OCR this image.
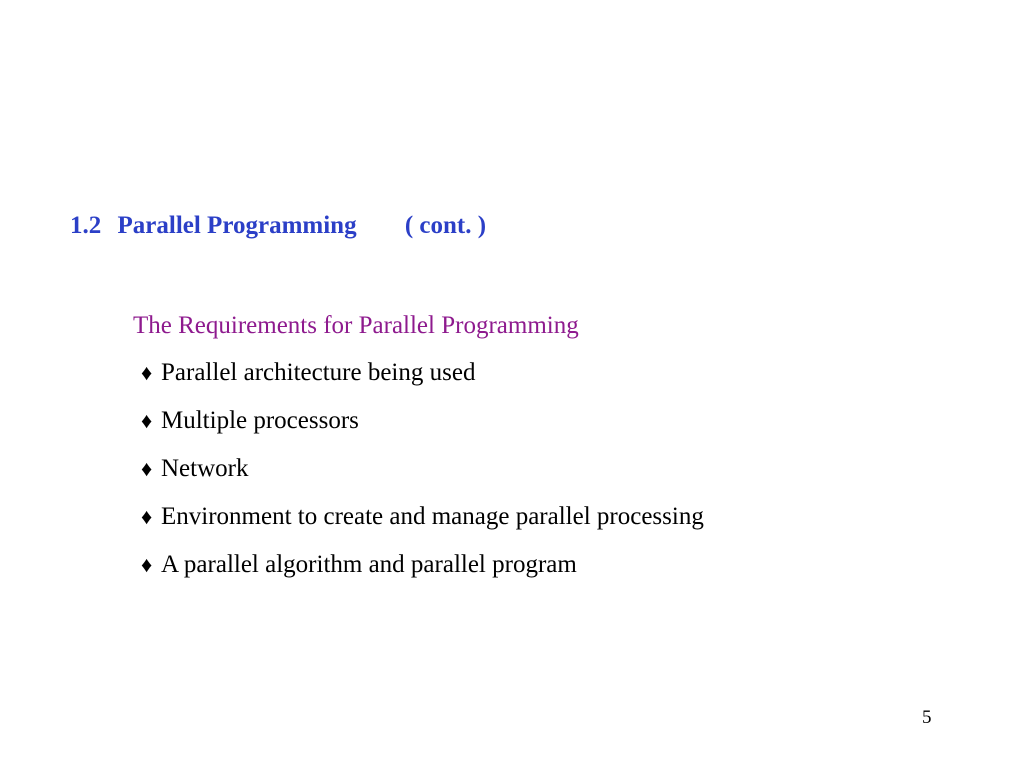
1.2 Parallel Programming ( cont. )
The Requirements for Parallel Programming
♦ Parallel architecture being used
♦ Multiple processors
♦ Network
♦ Environment to create and manage parallel processing
♦ A parallel algorithm and parallel program
5
